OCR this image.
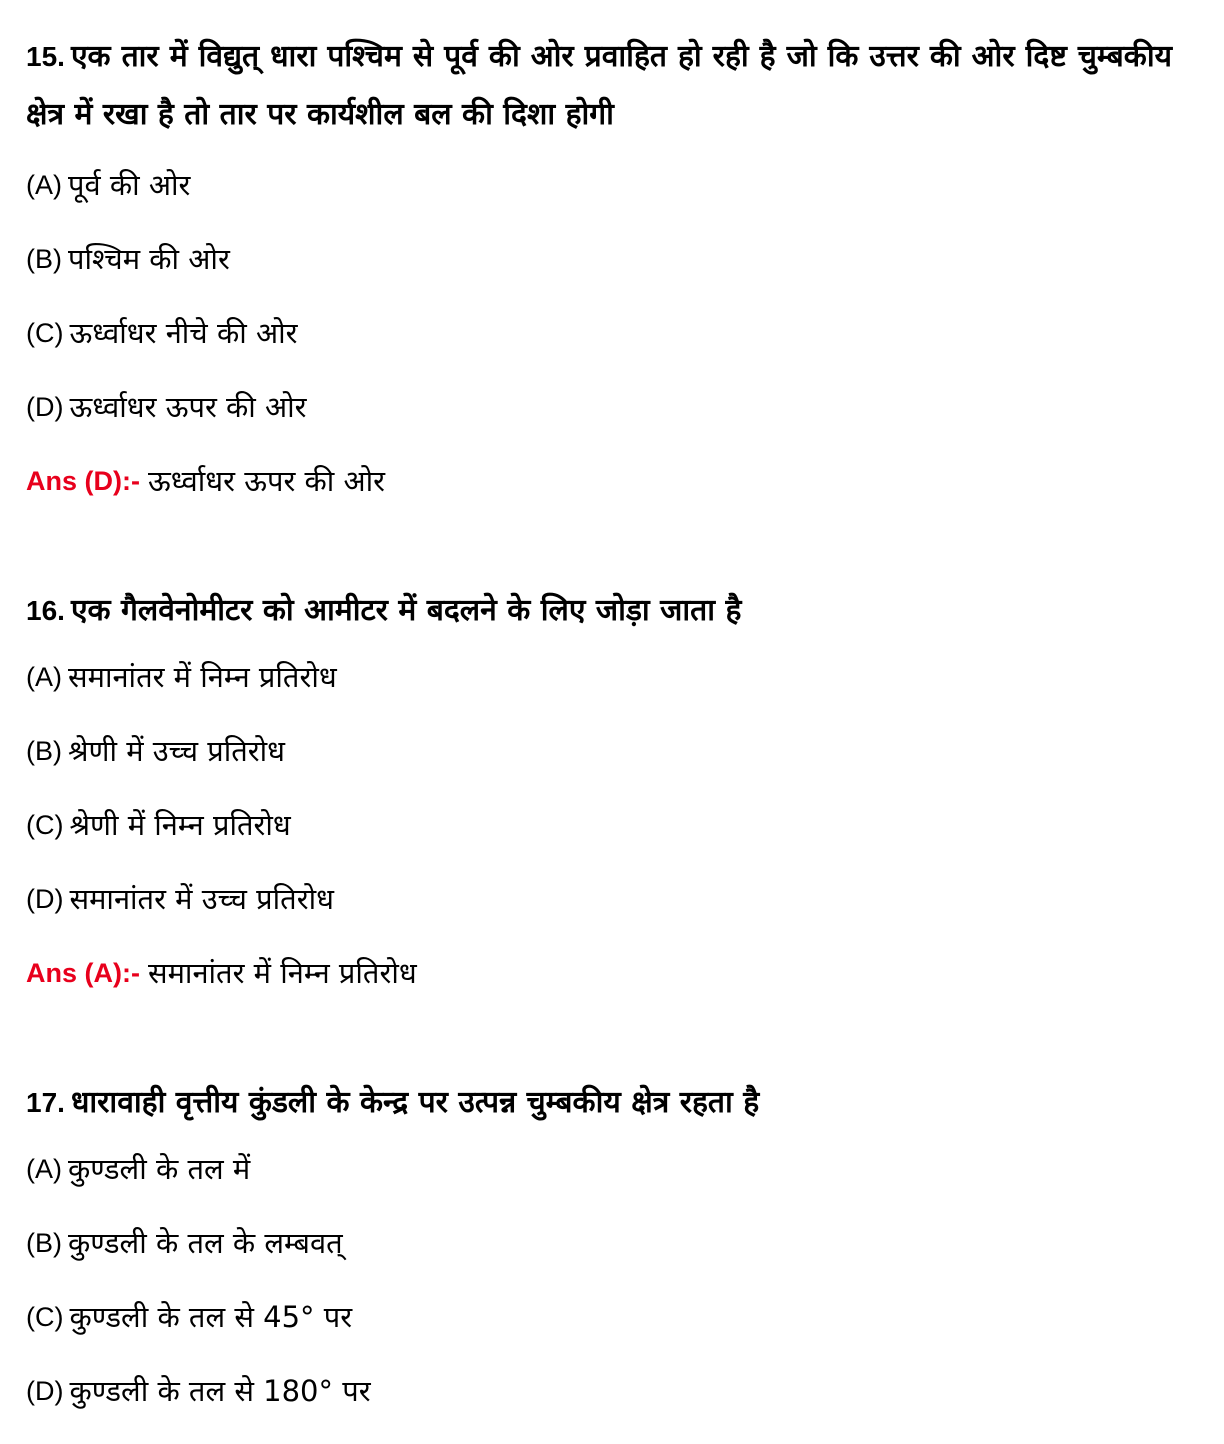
15. एक तार में विद्युत् धारा पश्चिम से पूर्व की ओर प्रवाहित हो रही है जो कि उत्तर की ओर दिष्ट चुम्बकीय क्षेत्र में रखा है तो तार पर कार्यशील बल की दिशा होगी

(A) पूर्व की ओर

(B) पश्चिम की ओर

(C) ऊर्ध्वाधर नीचे की ओर

(D) ऊर्ध्वाधर ऊपर की ओर

Ans (D):- ऊर्ध्वाधर ऊपर की ओर

16. एक गैलवेनोमीटर को आमीटर में बदलने के लिए जोड़ा जाता है

(A) समानांतर में निम्न प्रतिरोध

(B) श्रेणी में उच्च प्रतिरोध

(C) श्रेणी में निम्न प्रतिरोध

(D) समानांतर में उच्च प्रतिरोध

Ans (A):- समानांतर में निम्न प्रतिरोध

17. धारावाही वृत्तीय कुंडली के केन्द्र पर उत्पन्न चुम्बकीय क्षेत्र रहता है

(A) कुण्डली के तल में

(B) कुण्डली के तल के लम्बवत्

(C) कुण्डली के तल से 45° पर

(D) कुण्डली के तल से 180° पर
